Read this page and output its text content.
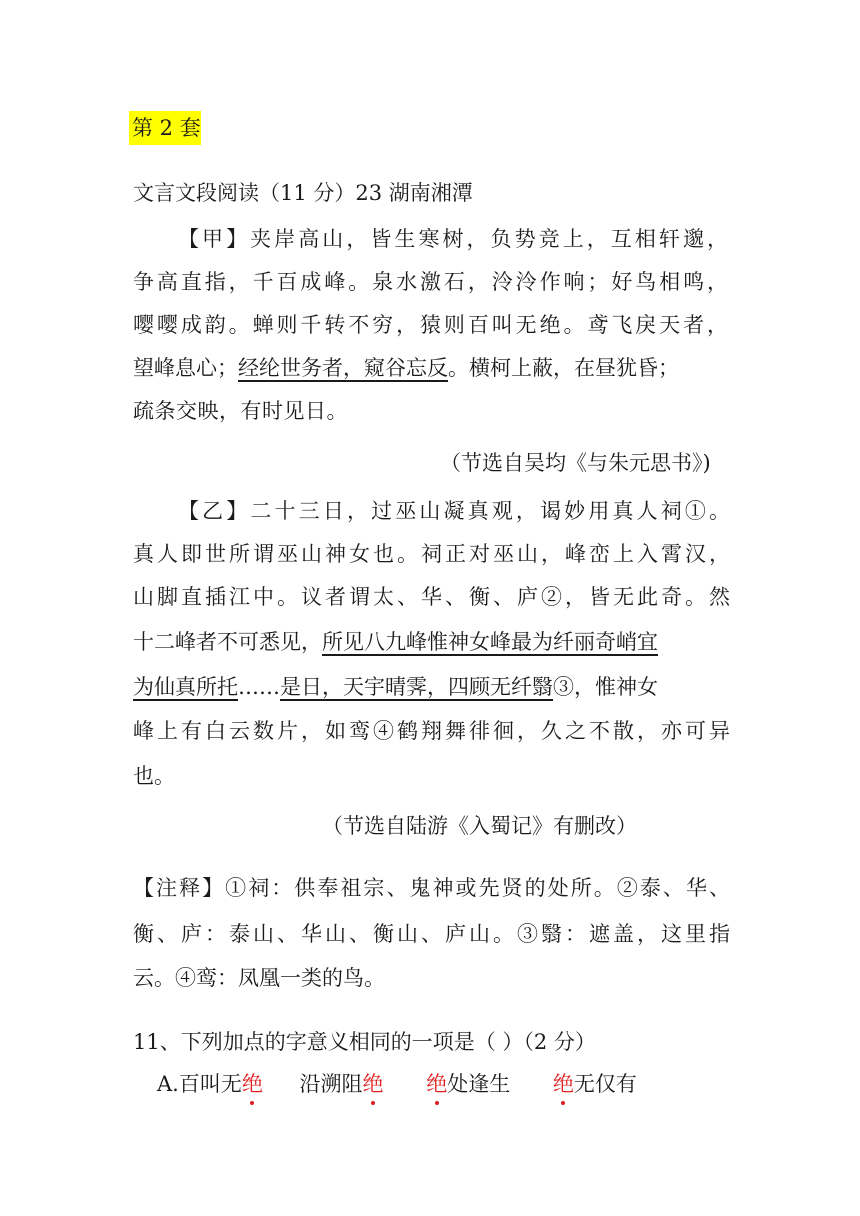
第 2 套
文言文段阅读（11 分）23 湖南湘潭
【甲】夹岸高山，皆生寒树，负势竞上，互相轩邈，
争高直指，千百成峰。泉水激石，泠泠作响；好鸟相鸣，
嘤嘤成韵。蝉则千转不穷，猿则百叫无绝。鸢飞戾天者，
望峰息心；经纶世务者，窥谷忘反。横柯上蔽，在昼犹昏；
疏条交映，有时见日。
（节选自吴均《与朱元思书》)
【乙】二十三日，过巫山凝真观，谒妙用真人祠①。
真人即世所谓巫山神女也。祠正对巫山，峰峦上入霄汉，
山脚直插江中。议者谓太、华、衡、庐②，皆无此奇。然
十二峰者不可悉见，所见八九峰惟神女峰最为纤丽奇峭宜
为仙真所托……是日，天宇晴霁，四顾无纤翳③，惟神女
峰上有白云数片，如鸾④鹤翔舞徘徊，久之不散，亦可异
也。
（节选自陆游《入蜀记》有删改）
【注释】①祠：供奉祖宗、鬼神或先贤的处所。②泰、华、
衡、庐：泰山、华山、衡山、庐山。③翳：遮盖，这里指
云。④鸾：凤凰一类的鸟。
11、下列加点的字意义相同的一项是（ ）（2 分）
A.百叫无绝 沿溯阻绝 绝处逢生 绝无仅有
